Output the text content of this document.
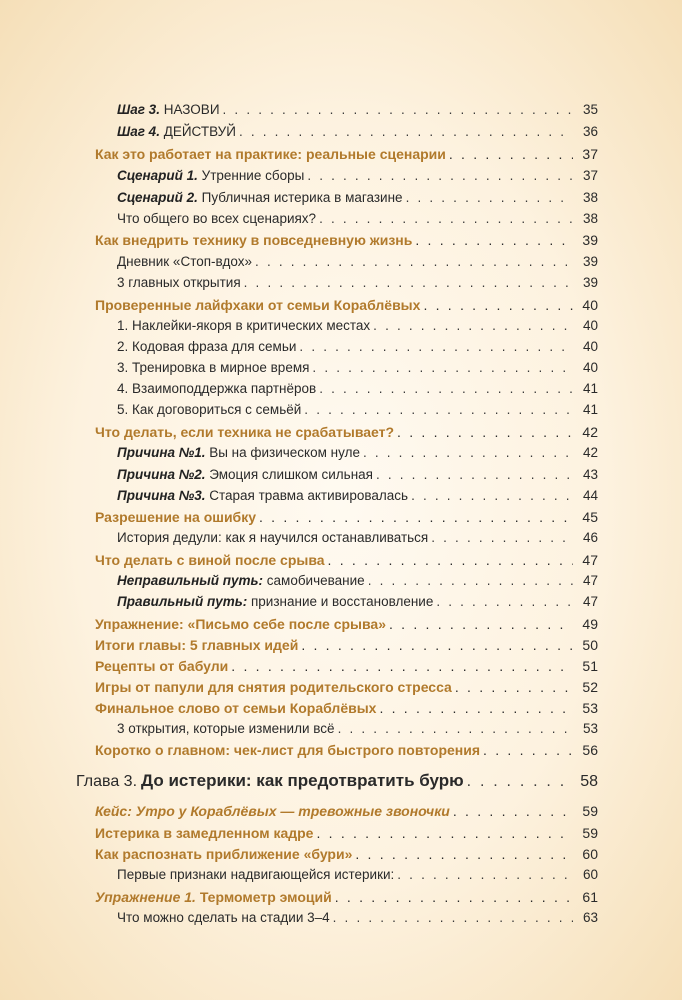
Шаг 3. НАЗОВИ . . .	35
Шаг 4. ДЕЙСТВУЙ . . .	36
Как это работает на практике: реальные сценарии . . .	37
Сценарий 1. Утренние сборы . . .	37
Сценарий 2. Публичная истерика в магазине . . .	38
Что общего во всех сценариях? . . .	38
Как внедрить технику в повседневную жизнь . . .	39
Дневник «Стоп-вдох» . . .	39
3 главных открытия . . .	39
Проверенные лайфхаки от семьи Кораблёвых . . .	40
1. Наклейки-якоря в критических местах . . .	40
2. Кодовая фраза для семьи . . .	40
3. Тренировка в мирное время . . .	40
4. Взаимоподдержка партнёров . . .	41
5. Как договориться с семьёй . . .	41
Что делать, если техника не срабатывает? . . .	42
Причина №1. Вы на физическом нуле . . .	42
Причина №2. Эмоция слишком сильная . . .	43
Причина №3. Старая травма активировалась . . .	44
Разрешение на ошибку . . .	45
История дедули: как я научился останавливаться . . .	46
Что делать с виной после срыва . . .	47
Неправильный путь: самобичевание . . .	47
Правильный путь: признание и восстановление . . .	47
Упражнение: «Письмо себе после срыва» . . .	49
Итоги главы: 5 главных идей . . .	50
Рецепты от бабули . . .	51
Игры от папули для снятия родительского стресса . . .	52
Финальное слово от семьи Кораблёвых . . .	53
3 открытия, которые изменили всё . . .	53
Коротко о главном: чек-лист для быстрого повторения . . .	56
Глава 3. До истерики: как предотвратить бурю . . .	58
Кейс: Утро у Кораблёвых — тревожные звоночки . . .	59
Истерика в замедленном кадре . . .	59
Как распознать приближение «бури» . . .	60
Первые признаки надвигающейся истерики: . . .	60
Упражнение 1. Термометр эмоций . . .	61
Что можно сделать на стадии 3–4 . . .	63
